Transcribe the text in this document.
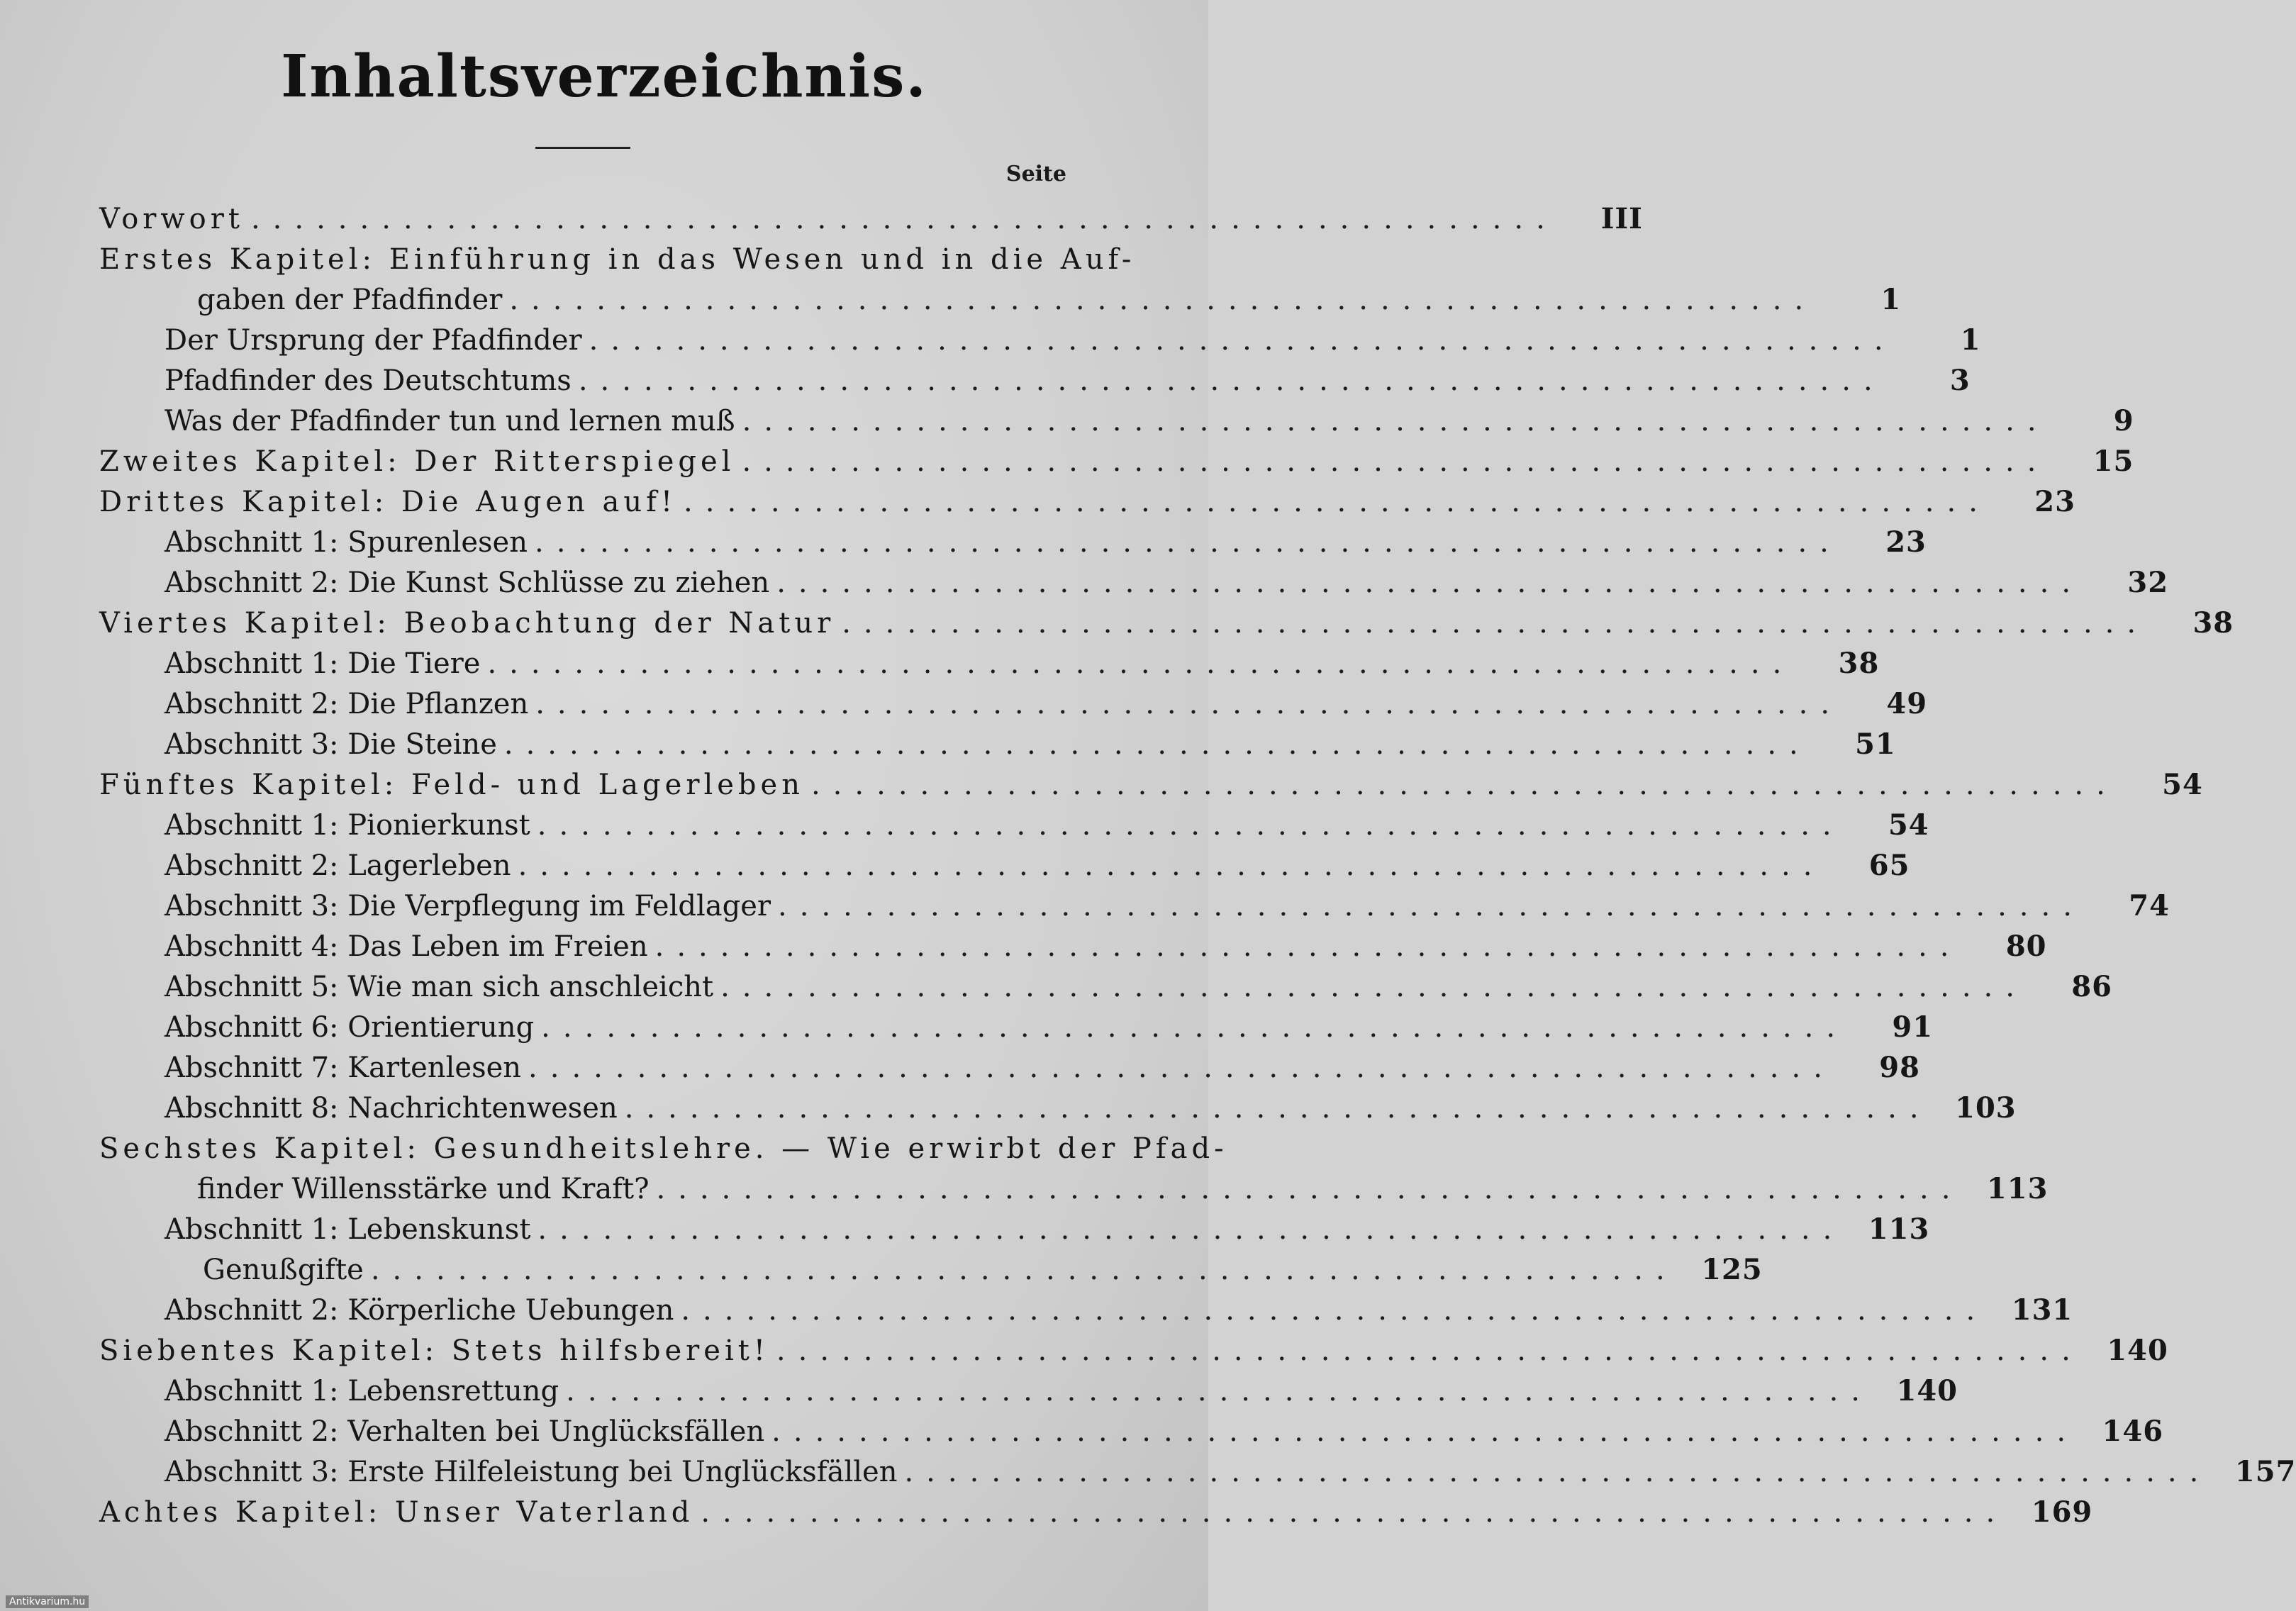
Inhaltsverzeichnis.
Seite
Vorwort ............................................................	III
Erstes Kapitel: Einführung in das Wesen und in die Auf-
gaben der Pfadfinder ............................................................	1
Der Ursprung der Pfadfinder ............................................................	1
Pfadfinder des Deutschtums ............................................................	3
Was der Pfadfinder tun und lernen muß ............................................................	9
Zweites Kapitel: Der Ritterspiegel ............................................................	15
Drittes Kapitel: Die Augen auf! ............................................................	23
Abschnitt 1: Spurenlesen ............................................................	23
Abschnitt 2: Die Kunst Schlüsse zu ziehen ............................................................	32
Viertes Kapitel: Beobachtung der Natur ............................................................	38
Abschnitt 1: Die Tiere ............................................................	38
Abschnitt 2: Die Pflanzen ............................................................	49
Abschnitt 3: Die Steine ............................................................	51
Fünftes Kapitel: Feld- und Lagerleben ............................................................	54
Abschnitt 1: Pionierkunst ............................................................	54
Abschnitt 2: Lagerleben ............................................................	65
Abschnitt 3: Die Verpflegung im Feldlager ............................................................	74
Abschnitt 4: Das Leben im Freien ............................................................	80
Abschnitt 5: Wie man sich anschleicht ............................................................	86
Abschnitt 6: Orientierung ............................................................	91
Abschnitt 7: Kartenlesen ............................................................	98
Abschnitt 8: Nachrichtenwesen ............................................................ 103
Sechstes Kapitel: Gesundheitslehre. — Wie erwirbt der Pfad-
finder Willensstärke und Kraft? ............................................................ 113
Abschnitt 1: Lebenskunst ............................................................ 113
Genußgifte ............................................................ 125
Abschnitt 2: Körperliche Uebungen ............................................................ 131
Siebentes Kapitel: Stets hilfsbereit! ............................................................ 140
Abschnitt 1: Lebensrettung ............................................................ 140
Abschnitt 2: Verhalten bei Unglücksfällen ............................................................ 146
Abschnitt 3: Erste Hilfeleistung bei Unglücksfällen ............................................................ 157
Achtes Kapitel: Unser Vaterland ............................................................ 169
Antikvarium.hu
